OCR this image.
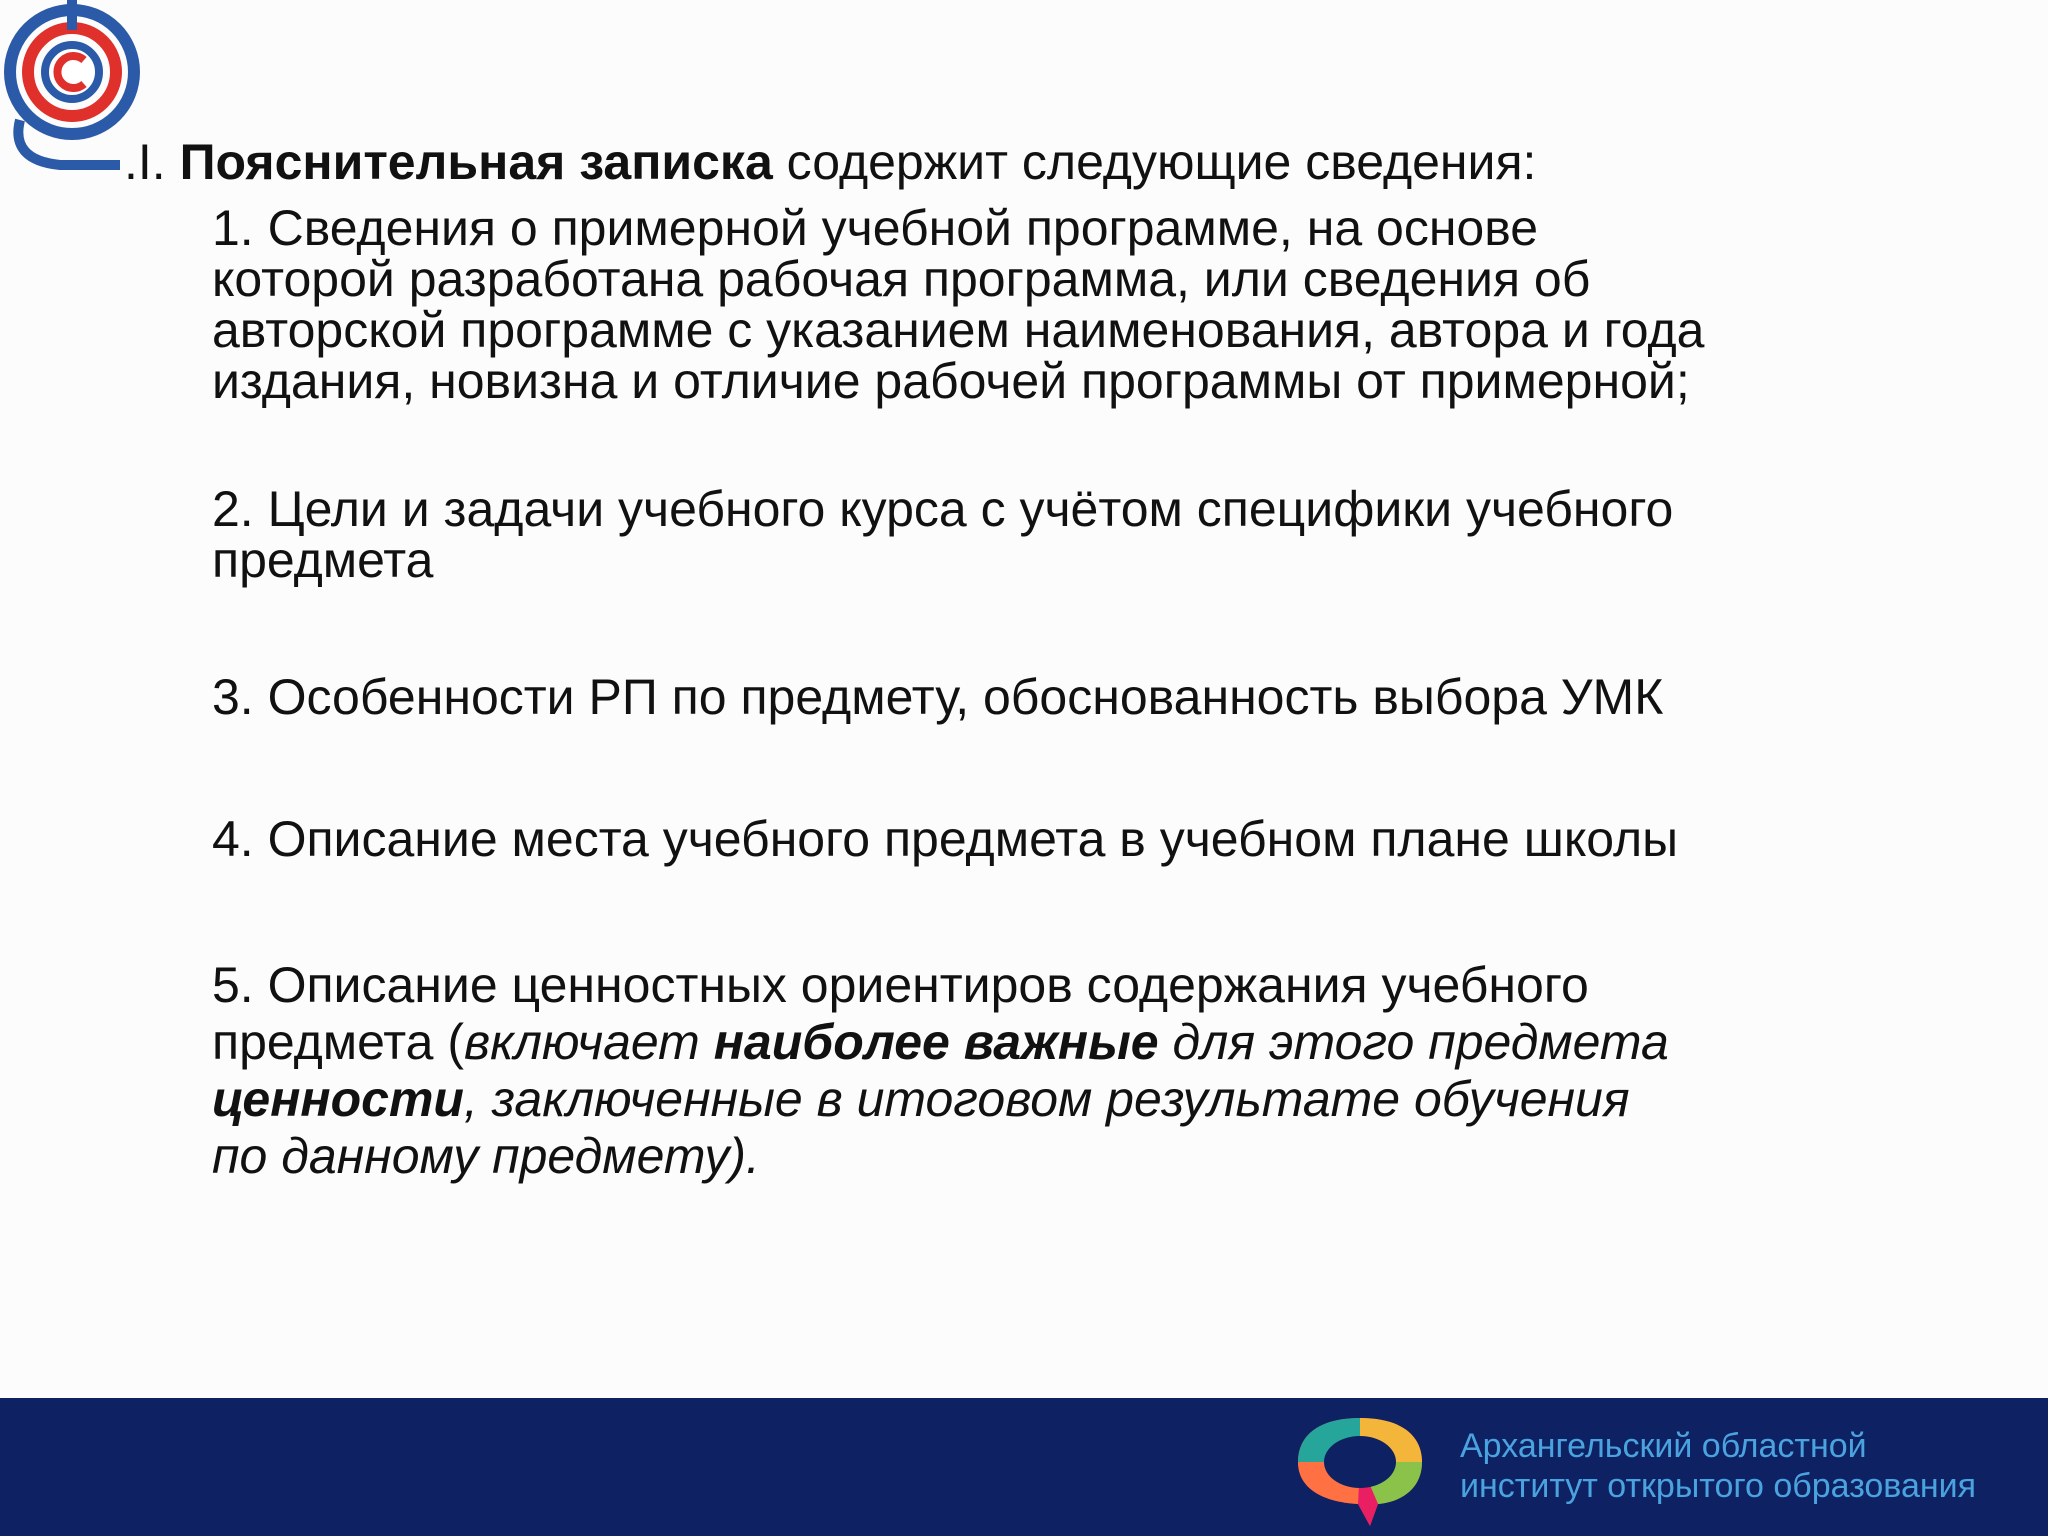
.I. Пояснительная записка содержит следующие сведения:
1. Сведения о примерной учебной программе, на основе
которой разработана рабочая программа, или сведения об
авторской программе с указанием наименования, автора и года
издания, новизна и отличие рабочей программы от примерной;
2. Цели и задачи учебного курса с учётом специфики учебного
предмета
3. Особенности РП по предмету, обоснованность выбора УМК
4. Описание места учебного предмета в учебном плане школы
5. Описание ценностных ориентиров содержания учебного
предмета (включает наиболее важные для этого предмета
ценности, заключенные в итоговом результате обучения
по данному предмету).
Архангельский областной
институт открытого образования
